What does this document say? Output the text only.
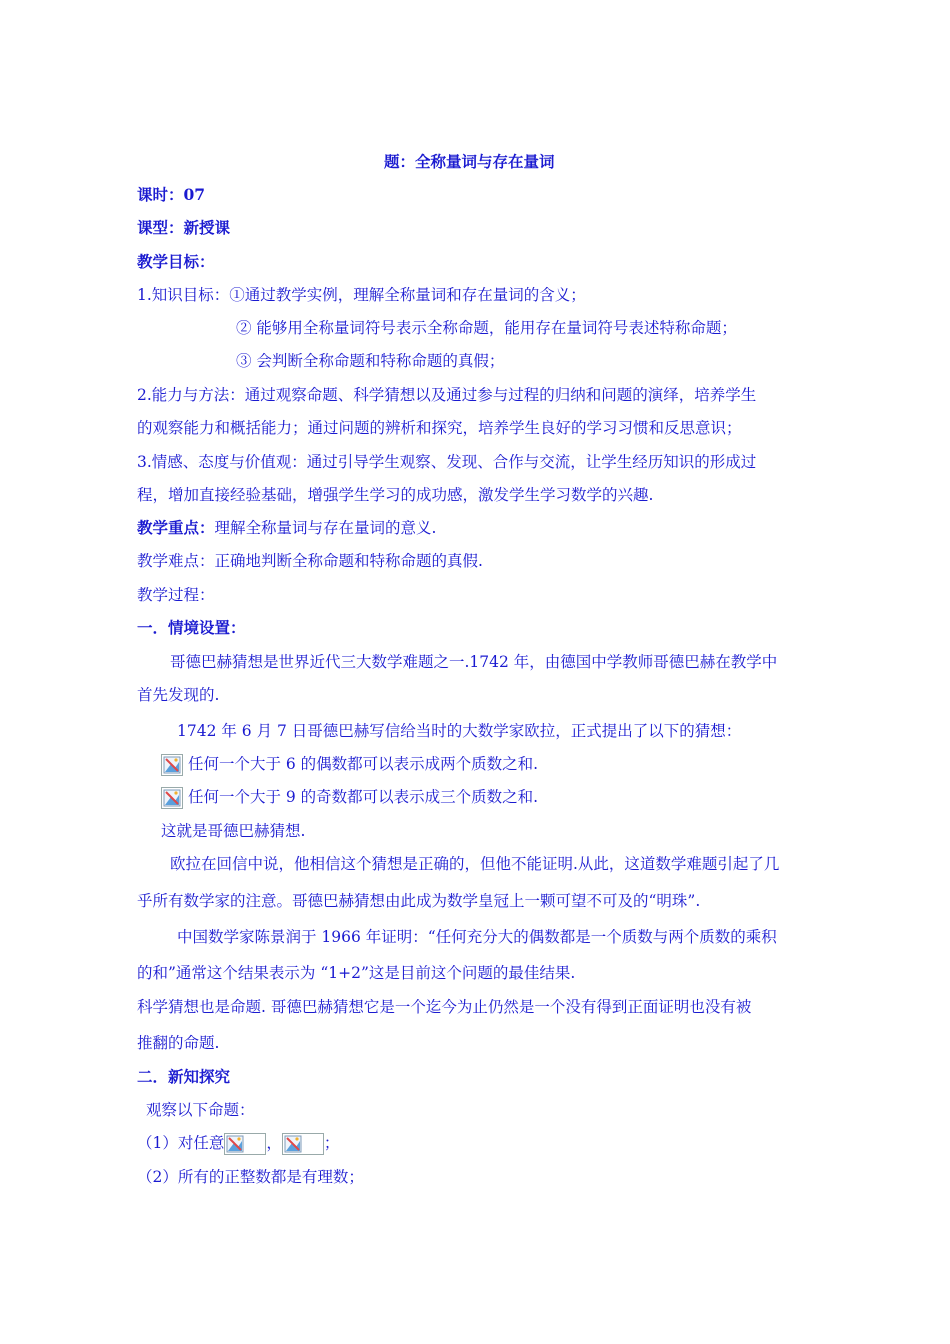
题：全称量词与存在量词
课时：07
课型：新授课
教学目标：
1.知识目标：①通过教学实例，理解全称量词和存在量词的含义；
② 能够用全称量词符号表示全称命题，能用存在量词符号表述特称命题；
③ 会判断全称命题和特称命题的真假；
2.能力与方法：通过观察命题、科学猜想以及通过参与过程的归纳和问题的演绎，培养学生
的观察能力和概括能力；通过问题的辨析和探究，培养学生良好的学习习惯和反思意识；
3.情感、态度与价值观：通过引导学生观察、发现、合作与交流，让学生经历知识的形成过
程，增加直接经验基础，增强学生学习的成功感，激发学生学习数学的兴趣.
教学重点：理解全称量词与存在量词的意义.
教学难点：正确地判断全称命题和特称命题的真假.
教学过程：
一．情境设置：
哥德巴赫猜想是世界近代三大数学难题之一.1742 年，由德国中学教师哥德巴赫在教学中
首先发现的.
1742 年 6 月 7 日哥德巴赫写信给当时的大数学家欧拉，正式提出了以下的猜想：
任何一个大于 6 的偶数都可以表示成两个质数之和.
任何一个大于 9 的奇数都可以表示成三个质数之和.
这就是哥德巴赫猜想.
欧拉在回信中说，他相信这个猜想是正确的，但他不能证明.从此，这道数学难题引起了几
乎所有数学家的注意。哥德巴赫猜想由此成为数学皇冠上一颗可望不可及的“明珠”.
中国数学家陈景润于 1966 年证明：“任何充分大的偶数都是一个质数与两个质数的乘积
的和”通常这个结果表示为 “1+2”这是目前这个问题的最佳结果.
科学猜想也是命题. 哥德巴赫猜想它是一个迄今为止仍然是一个没有得到正面证明也没有被
推翻的命题.
二．新知探究
观察以下命题：
（1）对任意	，	；
（2）所有的正整数都是有理数；
